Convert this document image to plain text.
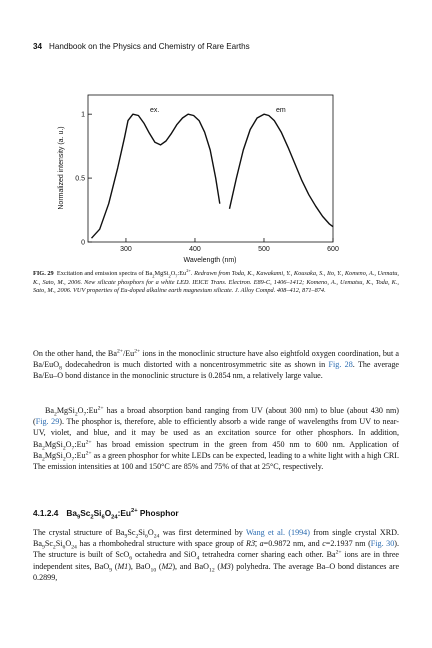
34 Handbook on the Physics and Chemistry of Rare Earths
0
0.5
1
300	400	500	600
ex.	em
Wavelength (nm)
Normalized intensity (a. u.)
FIG. 29 Excitation and emission spectra of $Ba_2MgSi_2O_7:Eu^{2+}$. Redrawn from Toda, K., Kawakami, Y., Kousaka, S., Ito, Y., Komeno, A., Uematu, K., Sato, M., 2006. New silicate phosphors for a white LED. IEICE Trans. Electron. E89-C, 1406–1412; Komeno, A., Uematsu, K., Toda, K., Sato, M., 2006. VUV properties of Eu-doped alkaline earth magnesium silicate. J. Alloy Compd. 408–412, 871–874.
On the other hand, the $Ba^{2+}/Eu^{2+}$ ions in the monoclinic structure have also eightfold oxygen coordination, but a Ba/EuO$_8$ dodecahedron is much distorted with a noncentrosymmetric site as shown in Fig. 28. The average Ba/Eu–O bond distance in the monoclinic structure is 0.2854 nm, a relatively large value.
$Ba_2MgSi_2O_7:Eu^{2+}$ has a broad absorption band ranging from UV (about 300 nm) to blue (about 430 nm) (Fig. 29). The phosphor is, therefore, able to efficiently absorb a wide range of wavelengths from UV to near-UV, violet, and blue, and it may be used as an excitation source for other phosphors. In addition, $Ba_2MgSi_2O_7:Eu^{2+}$ has broad emission spectrum in the green from 450 nm to 600 nm. Application of $Ba_2MgSi_2O_7:Eu^{2+}$ as a green phosphor for white LEDs can be expected, leading to a white light with a high CRI. The emission intensities at 100 and 150°C are 85% and 75% of that at 25°C, respectively.
4.1.2.4 $Ba_9Sc_2Si_6O_{24}:Eu^{2+}$ Phosphor
The crystal structure of $Ba_9Sc_2Si_6O_{24}$ was first determined by Wang et al. (1994) from single crystal XRD. $Ba_9Sc_2Si_6O_{24}$ has a rhombohedral structure with space group of R3̄, a=0.9872 nm, and c=2.1937 nm (Fig. 30). The structure is built of ScO$_6$ octahedra and SiO$_4$ tetrahedra corner sharing each other. $Ba^{2+}$ ions are in three independent sites, BaO$_9$ (M1), BaO$_{10}$ (M2), and BaO$_{12}$ (M3) polyhedra. The average Ba–O bond distances are 0.2899,
